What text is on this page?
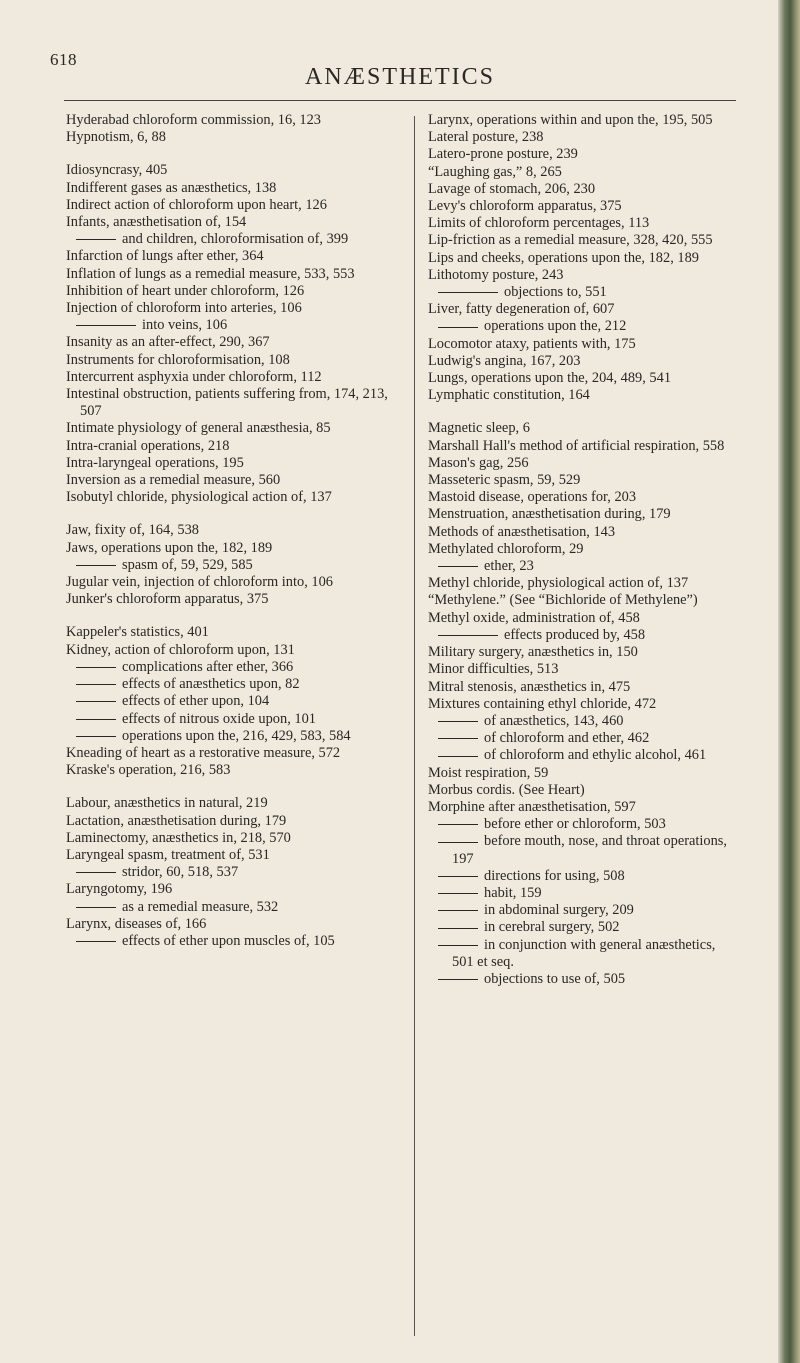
618
ANÆSTHETICS

Hyderabad chloroform commission, 16, 123

Hypnotism, 6, 88

Idiosyncrasy, 405

Indifferent gases as anæsthetics, 138

Indirect action of chloroform upon heart, 126

Infants, anæsthetisation of, 154

and children, chloroformisation of, 399

Infarction of lungs after ether, 364

Inflation of lungs as a remedial measure, 533, 553

Inhibition of heart under chloroform, 126

Injection of chloroform into arteries, 106

into veins, 106

Insanity as an after-effect, 290, 367

Instruments for chloroformisation, 108

Intercurrent asphyxia under chloroform, 112

Intestinal obstruction, patients suffering from, 174, 213, 507

Intimate physiology of general anæsthesia, 85

Intra-cranial operations, 218

Intra-laryngeal operations, 195

Inversion as a remedial measure, 560

Isobutyl chloride, physiological action of, 137

Jaw, fixity of, 164, 538

Jaws, operations upon the, 182, 189

spasm of, 59, 529, 585

Jugular vein, injection of chloroform into, 106

Junker's chloroform apparatus, 375

Kappeler's statistics, 401

Kidney, action of chloroform upon, 131

complications after ether, 366

effects of anæsthetics upon, 82

effects of ether upon, 104

effects of nitrous oxide upon, 101

operations upon the, 216, 429, 583, 584

Kneading of heart as a restorative measure, 572

Kraske's operation, 216, 583

Labour, anæsthetics in natural, 219

Lactation, anæsthetisation during, 179

Laminectomy, anæsthetics in, 218, 570

Laryngeal spasm, treatment of, 531

stridor, 60, 518, 537

Laryngotomy, 196

as a remedial measure, 532

Larynx, diseases of, 166

effects of ether upon muscles of, 105

Larynx, operations within and upon the, 195, 505

Lateral posture, 238

Latero-prone posture, 239

“Laughing gas,” 8, 265

Lavage of stomach, 206, 230

Levy's chloroform apparatus, 375

Limits of chloroform percentages, 113

Lip-friction as a remedial measure, 328, 420, 555

Lips and cheeks, operations upon the, 182, 189

Lithotomy posture, 243

objections to, 551

Liver, fatty degeneration of, 607

operations upon the, 212

Locomotor ataxy, patients with, 175

Ludwig's angina, 167, 203

Lungs, operations upon the, 204, 489, 541

Lymphatic constitution, 164

Magnetic sleep, 6

Marshall Hall's method of artificial respiration, 558

Mason's gag, 256

Masseteric spasm, 59, 529

Mastoid disease, operations for, 203

Menstruation, anæsthetisation during, 179

Methods of anæsthetisation, 143

Methylated chloroform, 29

ether, 23

Methyl chloride, physiological action of, 137

“Methylene.” (See “Bichloride of Methylene”)

Methyl oxide, administration of, 458

effects produced by, 458

Military surgery, anæsthetics in, 150

Minor difficulties, 513

Mitral stenosis, anæsthetics in, 475

Mixtures containing ethyl chloride, 472

of anæsthetics, 143, 460

of chloroform and ether, 462

of chloroform and ethylic alcohol, 461

Moist respiration, 59

Morbus cordis. (See Heart)

Morphine after anæsthetisation, 597

before ether or chloroform, 503

before mouth, nose, and throat operations, 197

directions for using, 508

habit, 159

in abdominal surgery, 209

in cerebral surgery, 502

in conjunction with general anæsthetics, 501 et seq.

objections to use of, 505
